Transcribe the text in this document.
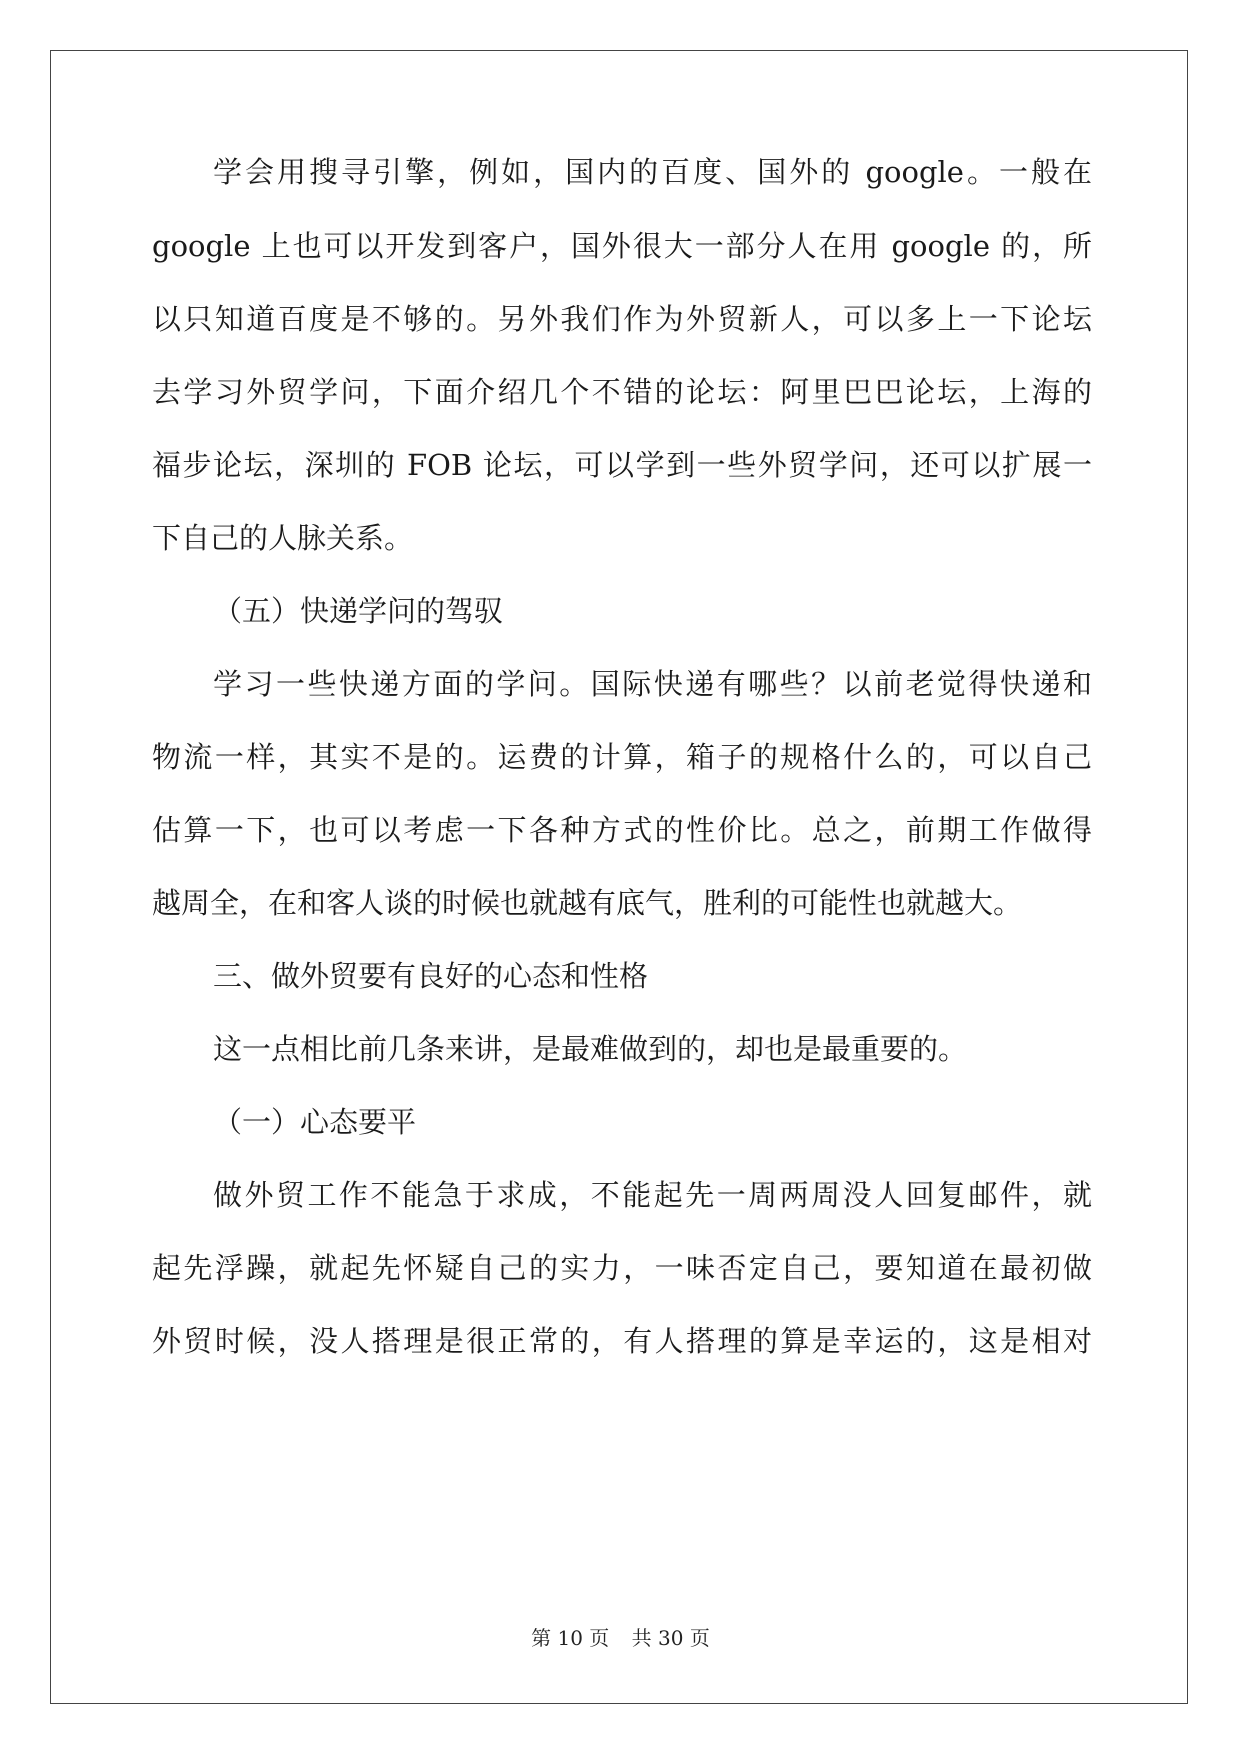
学会用搜寻引擎，例如，国内的百度、国外的 google。一般在
google 上也可以开发到客户，国外很大一部分人在用 google 的，所
以只知道百度是不够的。另外我们作为外贸新人，可以多上一下论坛
去学习外贸学问，下面介绍几个不错的论坛：阿里巴巴论坛，上海的
福步论坛，深圳的 FOB 论坛，可以学到一些外贸学问，还可以扩展一
下自己的人脉关系。
（五）快递学问的驾驭
学习一些快递方面的学问。国际快递有哪些？以前老觉得快递和
物流一样，其实不是的。运费的计算，箱子的规格什么的，可以自己
估算一下，也可以考虑一下各种方式的性价比。总之，前期工作做得
越周全，在和客人谈的时候也就越有底气，胜利的可能性也就越大。
三、做外贸要有良好的心态和性格
这一点相比前几条来讲，是最难做到的，却也是最重要的。
（一）心态要平
做外贸工作不能急于求成，不能起先一周两周没人回复邮件，就
起先浮躁，就起先怀疑自己的实力，一味否定自己，要知道在最初做
外贸时候，没人搭理是很正常的，有人搭理的算是幸运的，这是相对
第 10 页 共 30 页
